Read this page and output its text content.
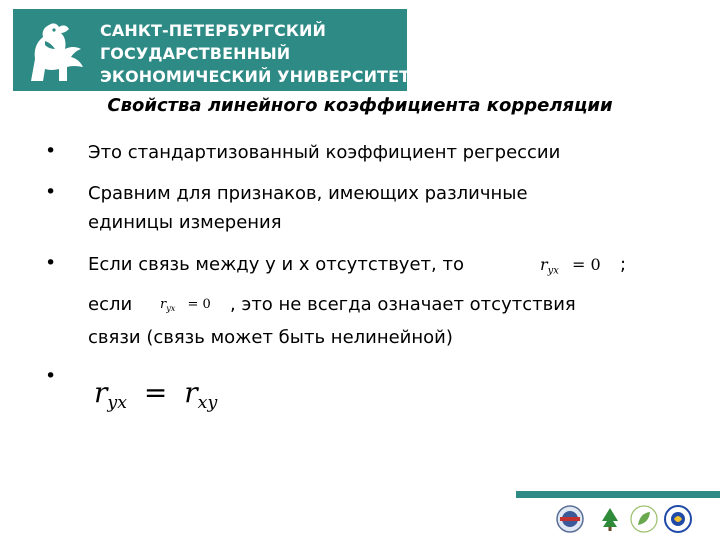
САНКТ-ПЕТЕРБУРГСКИЙ
ГОСУДАРСТВЕННЫЙ
ЭКОНОМИЧЕСКИЙ УНИВЕРСИТЕТ
Свойства линейного коэффициента корреляции
• Это стандартизованный коэффициент регрессии
• Сравним для признаков, имеющих различные
единицы измерения
• Если связь между у и х отсутствует, то	$r_{yx} = 0$ ;
если $r_{yx} = 0$ , это не всегда означает отсутствия
связи (связь может быть нелинейной)
• $r_{yx} = r_{xy}$
